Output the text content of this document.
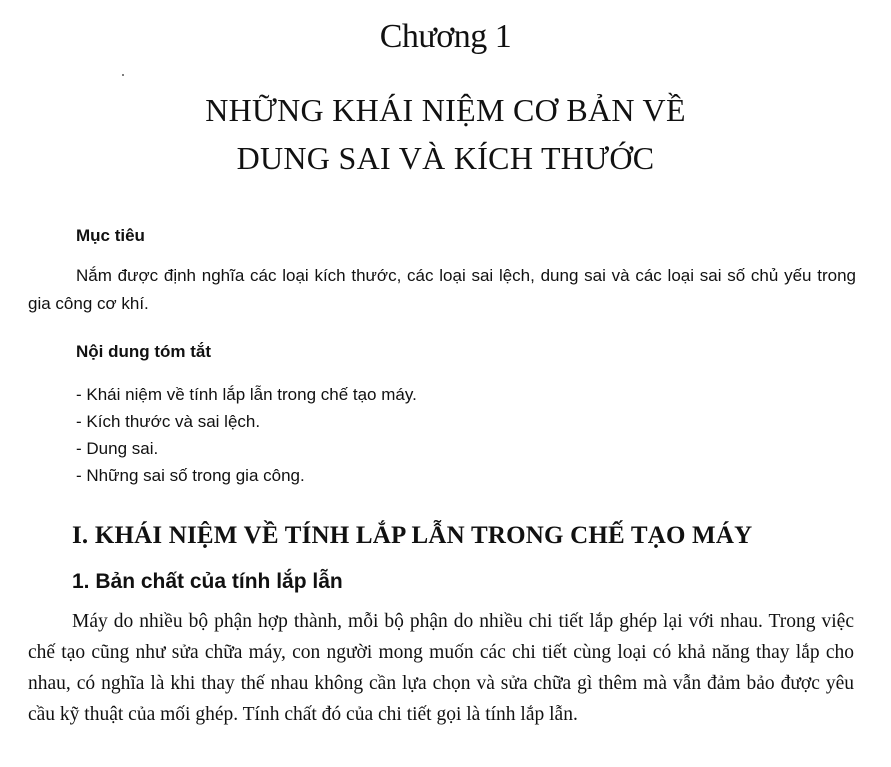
Chương 1
NHỮNG KHÁI NIỆM CƠ BẢN VỀ
DUNG SAI VÀ KÍCH THƯỚC
Mục tiêu

Nắm được định nghĩa các loại kích thước, các loại sai lệch, dung sai và các loại sai số chủ yếu trong gia công cơ khí.

Nội dung tóm tắt
- Khái niệm về tính lắp lẫn trong chế tạo máy.
- Kích thước và sai lệch.
- Dung sai.
- Những sai số trong gia công.
I. KHÁI NIỆM VỀ TÍNH LẮP LẪN TRONG CHẾ TẠO MÁY
1. Bản chất của tính lắp lẫn

Máy do nhiều bộ phận hợp thành, mỗi bộ phận do nhiều chi tiết lắp ghép lại với nhau. Trong việc chế tạo cũng như sửa chữa máy, con người mong muốn các chi tiết cùng loại có khả năng thay lắp cho nhau, có nghĩa là khi thay thế nhau không cần lựa chọn và sửa chữa gì thêm mà vẫn đảm bảo được yêu cầu kỹ thuật của mối ghép. Tính chất đó của chi tiết gọi là tính lắp lẫn.
